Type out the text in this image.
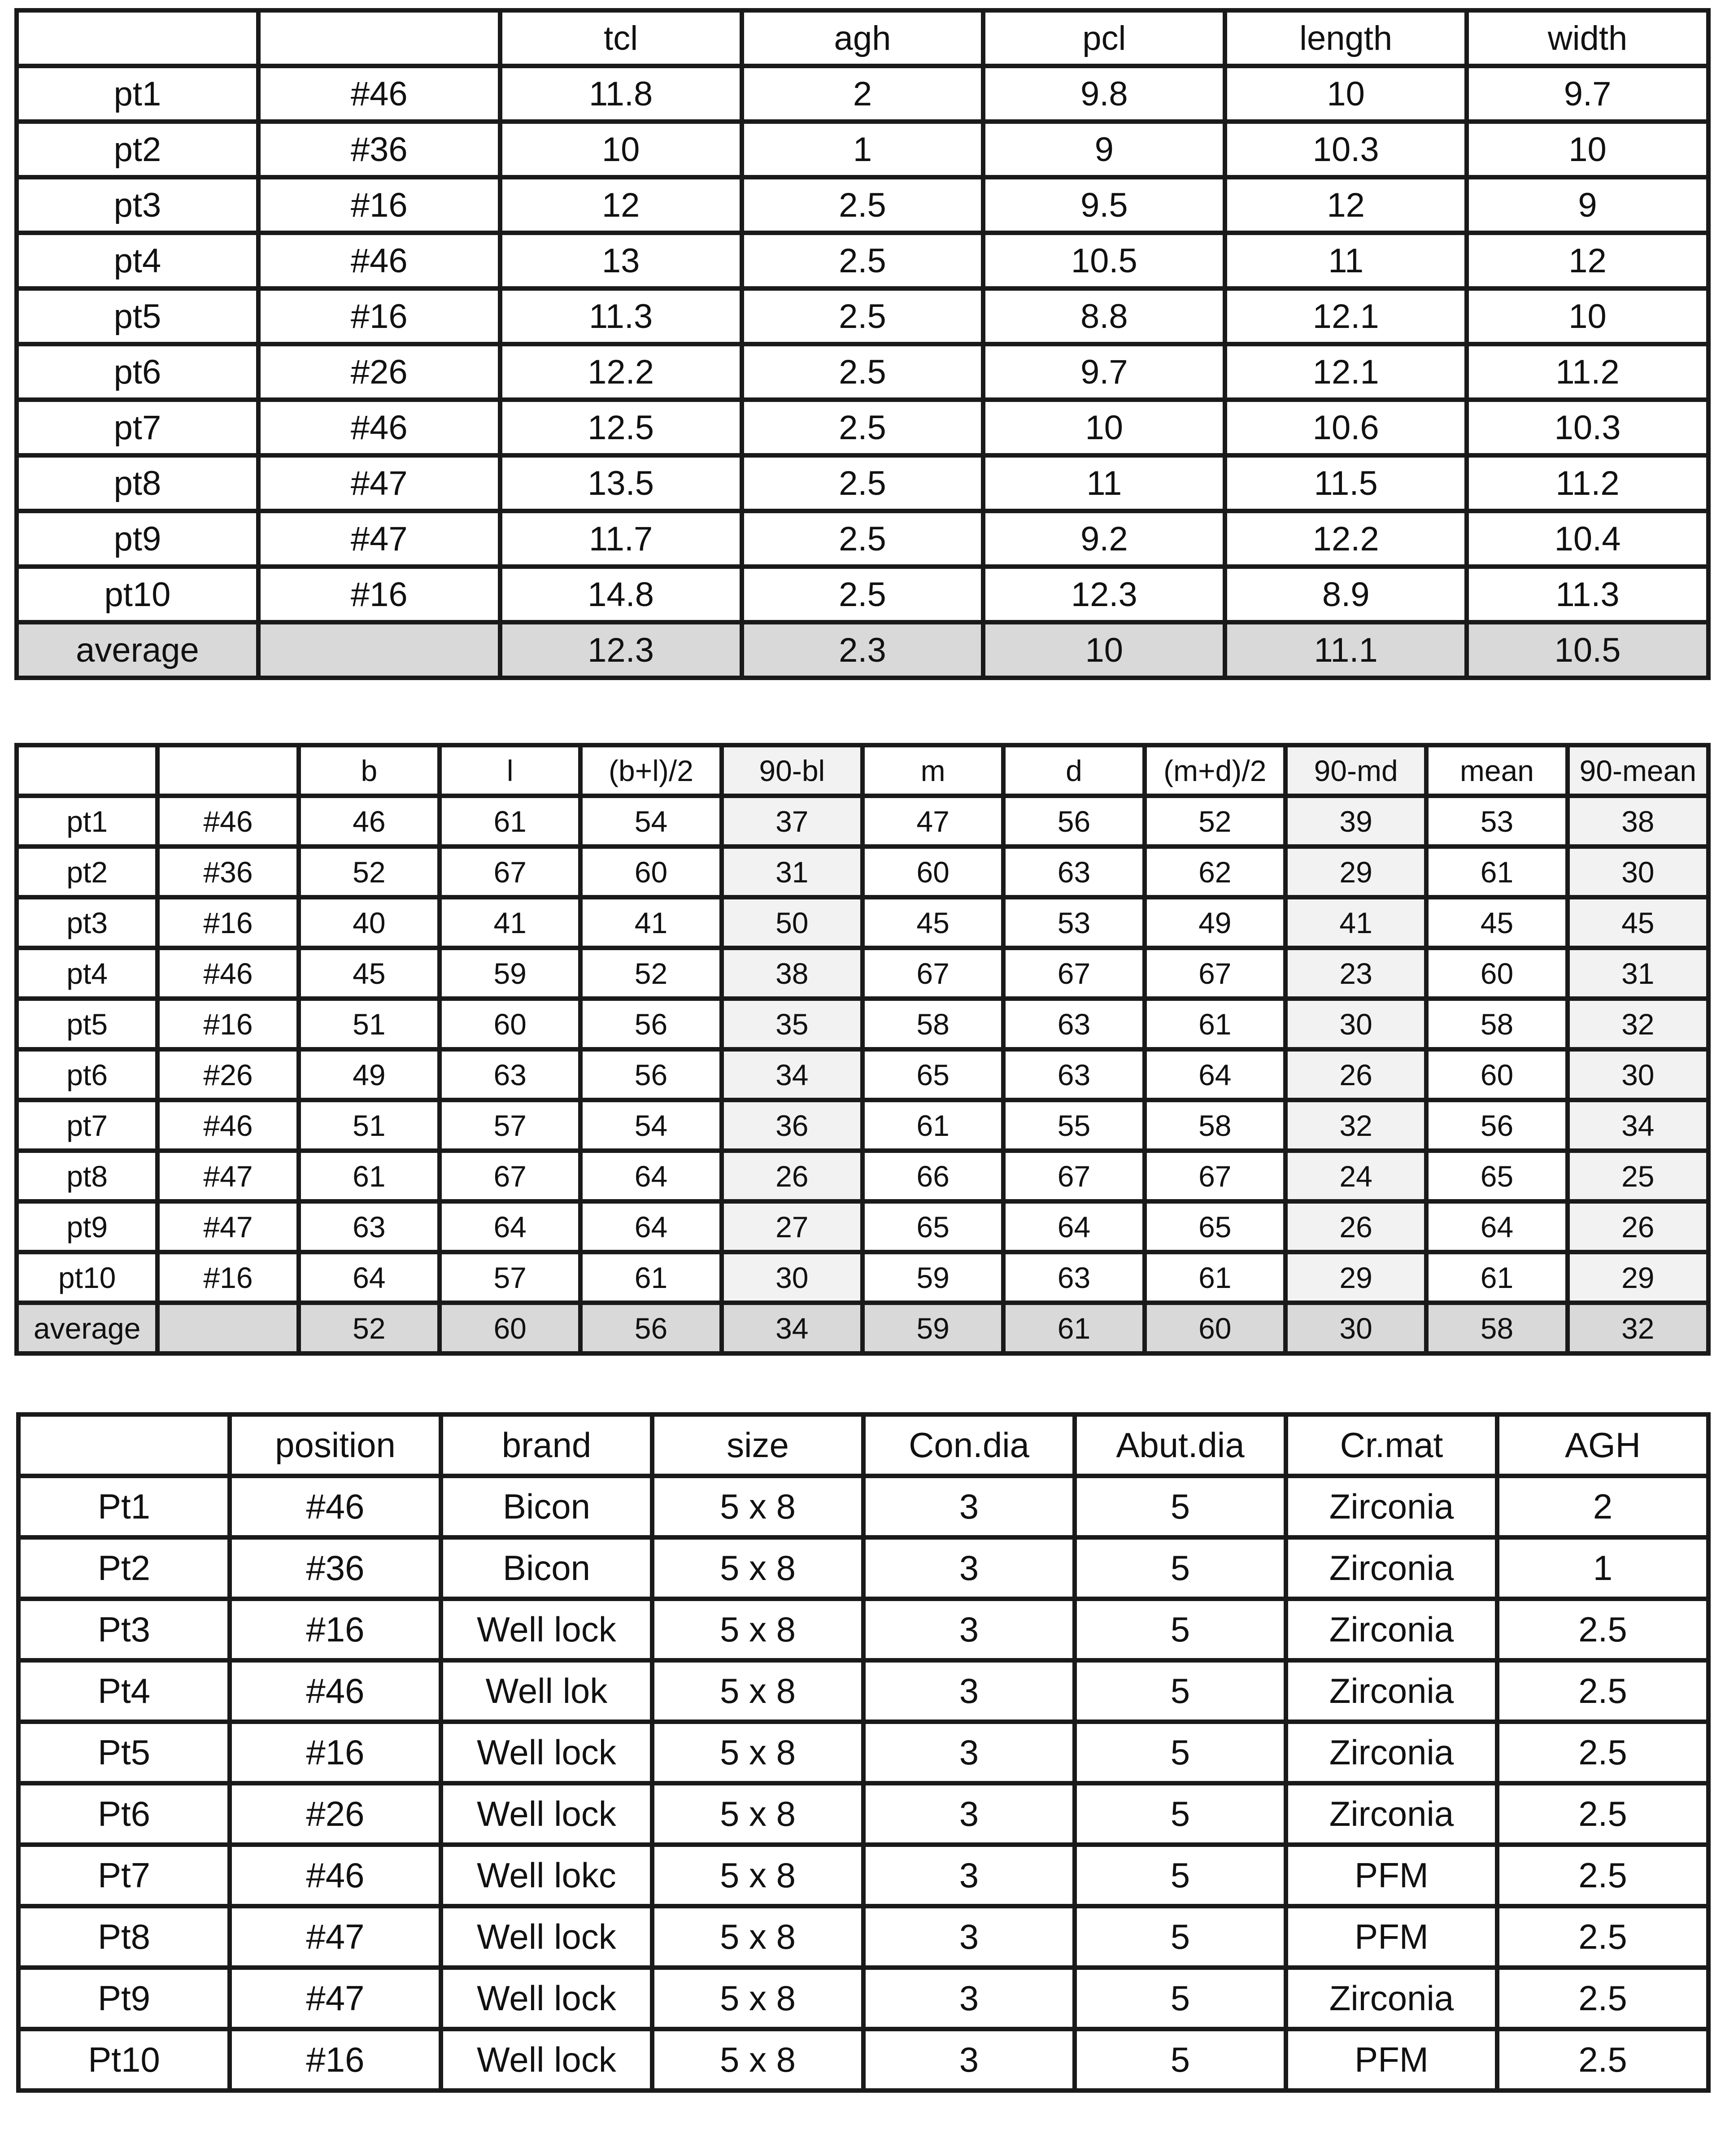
		tcl	agh	pcl	length	width
pt1	#46	11.8	2	9.8	10	9.7
pt2	#36	10	1	9	10.3	10
pt3	#16	12	2.5	9.5	12	9
pt4	#46	13	2.5	10.5	11	12
pt5	#16	11.3	2.5	8.8	12.1	10
pt6	#26	12.2	2.5	9.7	12.1	11.2
pt7	#46	12.5	2.5	10	10.6	10.3
pt8	#47	13.5	2.5	11	11.5	11.2
pt9	#47	11.7	2.5	9.2	12.2	10.4
pt10	#16	14.8	2.5	12.3	8.9	11.3
average		12.3	2.3	10	11.1	10.5
		b	l	(b+l)/2	90-bl	m	d	(m+d)/2	90-md	mean	90-mean
pt1	#46	46	61	54	37	47	56	52	39	53	38
pt2	#36	52	67	60	31	60	63	62	29	61	30
pt3	#16	40	41	41	50	45	53	49	41	45	45
pt4	#46	45	59	52	38	67	67	67	23	60	31
pt5	#16	51	60	56	35	58	63	61	30	58	32
pt6	#26	49	63	56	34	65	63	64	26	60	30
pt7	#46	51	57	54	36	61	55	58	32	56	34
pt8	#47	61	67	64	26	66	67	67	24	65	25
pt9	#47	63	64	64	27	65	64	65	26	64	26
pt10	#16	64	57	61	30	59	63	61	29	61	29
average		52	60	56	34	59	61	60	30	58	32
	position	brand	size	Con.dia	Abut.dia	Cr.mat	AGH
Pt1	#46	Bicon	5 x 8	3	5	Zirconia	2
Pt2	#36	Bicon	5 x 8	3	5	Zirconia	1
Pt3	#16	Well lock	5 x 8	3	5	Zirconia	2.5
Pt4	#46	Well lok	5 x 8	3	5	Zirconia	2.5
Pt5	#16	Well lock	5 x 8	3	5	Zirconia	2.5
Pt6	#26	Well lock	5 x 8	3	5	Zirconia	2.5
Pt7	#46	Well lokc	5 x 8	3	5	PFM	2.5
Pt8	#47	Well lock	5 x 8	3	5	PFM	2.5
Pt9	#47	Well lock	5 x 8	3	5	Zirconia	2.5
Pt10	#16	Well lock	5 x 8	3	5	PFM	2.5
